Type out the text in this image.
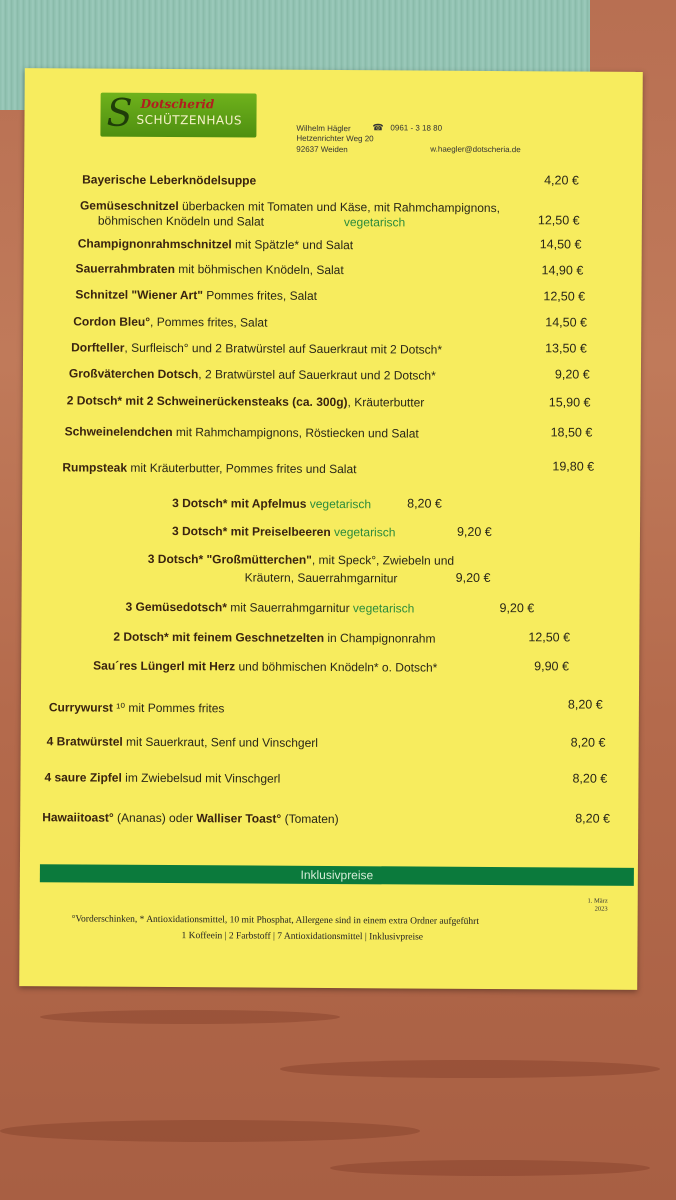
S Dotscherid
SCHÜTZENHAUS
Wilhelm Hägler ☎ 0961 - 3 18 80
Hetzenrichter Weg 20
92637 Weiden	w.haegler@dotscheria.de
Bayerische Leberknödelsuppe	4,20 €
Gemüseschnitzel überbacken mit Tomaten und Käse, mit Rahmchampignons,
böhmischen Knödeln und Salat	vegetarisch	12,50 €
Champignonrahmschnitzel mit Spätzle* und Salat	14,50 €
Sauerrahmbraten mit böhmischen Knödeln, Salat	14,90 €
Schnitzel "Wiener Art" Pommes frites, Salat	12,50 €
Cordon Bleu°, Pommes frites, Salat	14,50 €
Dorfteller, Surfleisch° und 2 Bratwürstel auf Sauerkraut mit 2 Dotsch*	13,50 €
Großväterchen Dotsch, 2 Bratwürstel auf Sauerkraut und 2 Dotsch*	9,20 €
2 Dotsch* mit 2 Schweinerückensteaks (ca. 300g), Kräuterbutter	15,90 €
Schweinelendchen mit Rahmchampignons, Röstiecken und Salat	18,50 €
Rumpsteak mit Kräuterbutter, Pommes frites und Salat	19,80 €
3 Dotsch* mit Apfelmus vegetarisch	8,20 €
3 Dotsch* mit Preiselbeeren vegetarisch	9,20 €
3 Dotsch* "Großmütterchen", mit Speck°, Zwiebeln und
Kräutern, Sauerrahmgarnitur	9,20 €
3 Gemüsedotsch* mit Sauerrahmgarnitur vegetarisch	9,20 €
2 Dotsch* mit feinem Geschnetzelten in Champignonrahm	12,50 €
Sau´res Lüngerl mit Herz und böhmischen Knödeln* o. Dotsch*	9,90 €
Currywurst ¹⁰ mit Pommes frites	8,20 €
4 Bratwürstel mit Sauerkraut, Senf und Vinschgerl	8,20 €
4 saure Zipfel im Zwiebelsud mit Vinschgerl	8,20 €
Hawaiitoast° (Ananas) oder Walliser Toast° (Tomaten)	8,20 €
Inklusivpreise
1. März
2023
°Vorderschinken, * Antioxidationsmittel, 10 mit Phosphat, Allergene sind in einem extra Ordner aufgeführt
1 Koffeein | 2 Farbstoff | 7 Antioxidationsmittel | Inklusivpreise
